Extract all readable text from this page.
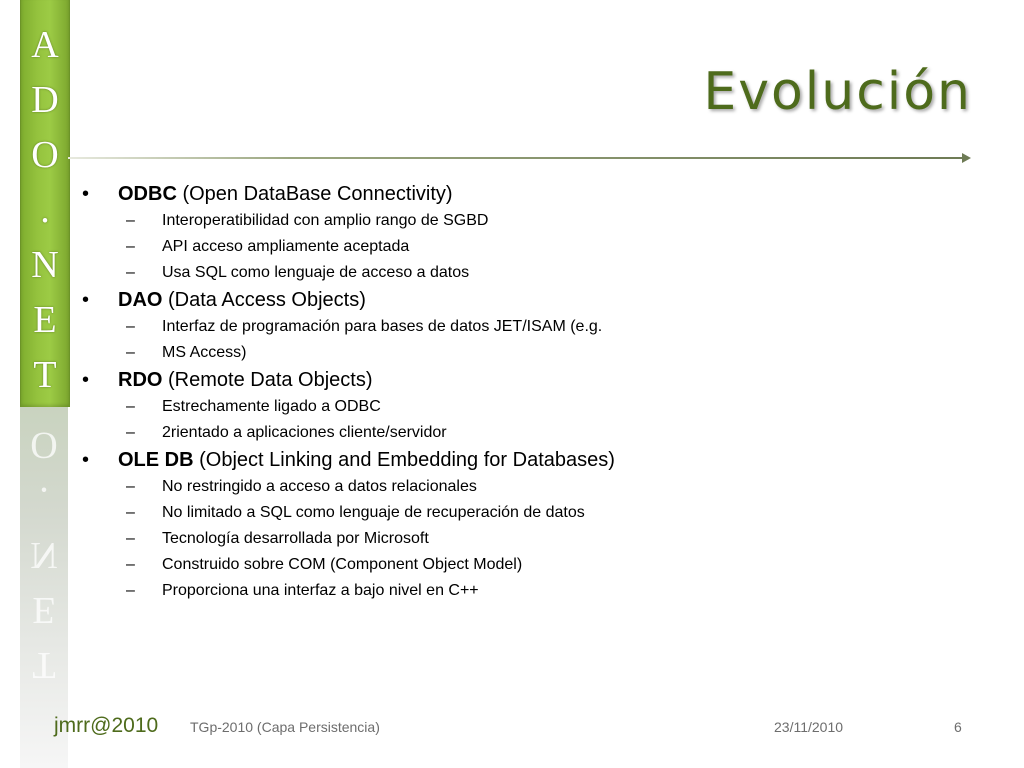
A
D
O
.
N
E
T
T
E
N
.
O
Evolución
• ODBC (Open DataBase Connectivity)
– Interoperatibilidad con amplio rango de SGBD
– API acceso ampliamente aceptada
– Usa SQL como lenguaje de acceso a datos
• DAO (Data Access Objects)
– Interfaz de programación para bases de datos JET/ISAM (e.g.
– MS Access)
• RDO (Remote Data Objects)
– Estrechamente ligado a ODBC
– 2rientado a aplicaciones cliente/servidor
• OLE DB (Object Linking and Embedding for Databases)
– No restringido a acceso a datos relacionales
– No limitado a SQL como lenguaje de recuperación de datos
– Tecnología desarrollada por Microsoft
– Construido sobre COM (Component Object Model)
– Proporciona una interfaz a bajo nivel en C++
jmrr@2010 TGp-2010 (Capa Persistencia)	23/11/2010	6
